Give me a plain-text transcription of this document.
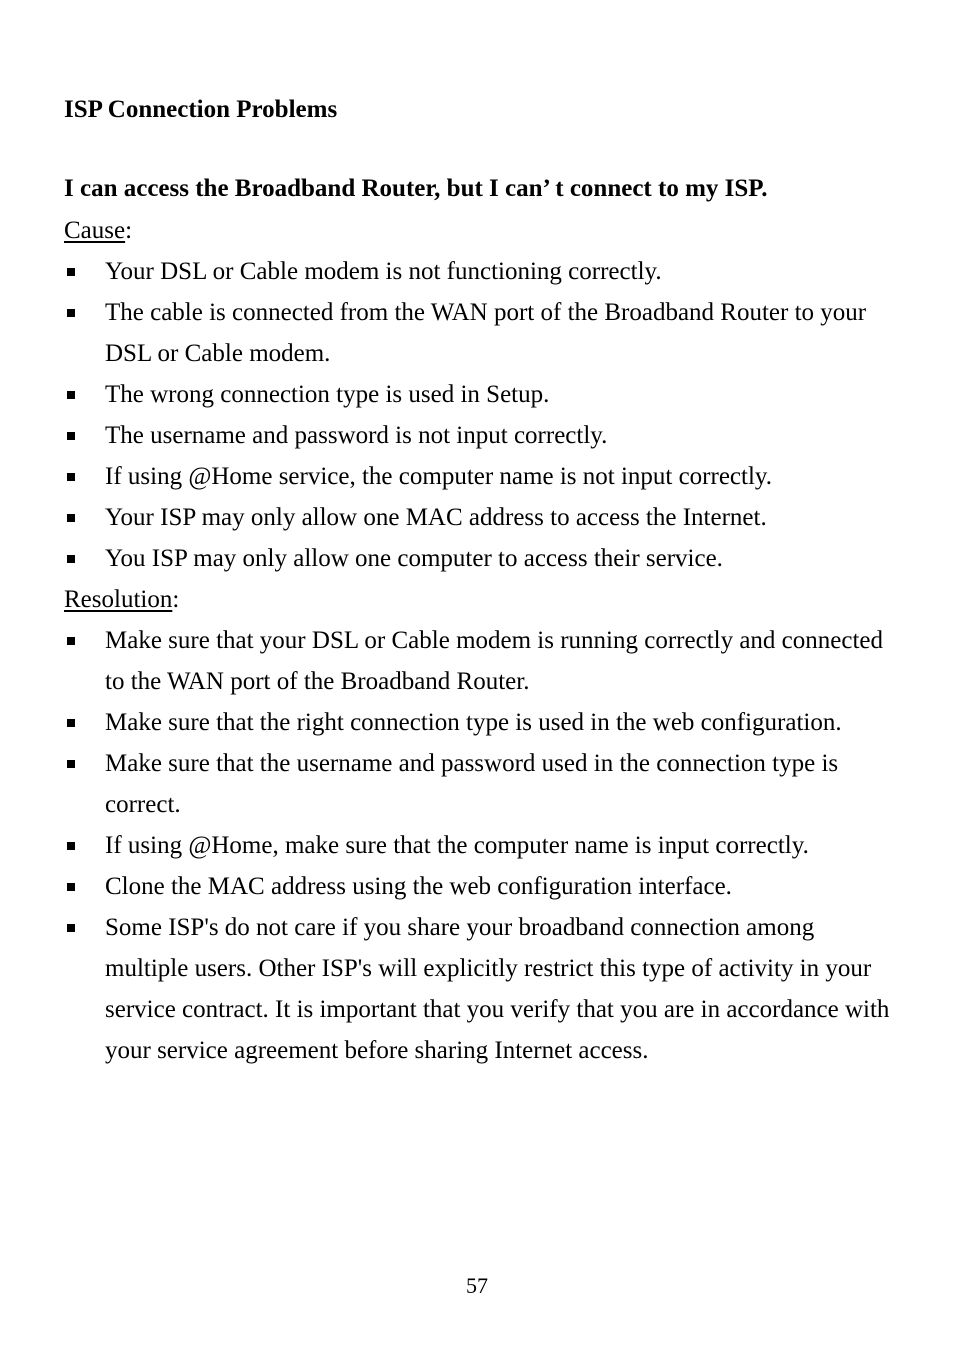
ISP Connection Problems
I can access the Broadband Router, but I can’ t connect to my ISP.
Cause:
Your DSL or Cable modem is not functioning correctly.
The cable is connected from the WAN port of the Broadband Router to your DSL or Cable modem.
The wrong connection type is used in Setup.
The username and password is not input correctly.
If using @Home service, the computer name is not input correctly.
Your ISP may only allow one MAC address to access the Internet.
You ISP may only allow one computer to access their service.
Resolution:
Make sure that your DSL or Cable modem is running correctly and connected to the WAN port of the Broadband Router.
Make sure that the right connection type is used in the web configuration.
Make sure that the username and password used in the connection type is correct.
If using @Home, make sure that the computer name is input correctly.
Clone the MAC address using the web configuration interface.
Some ISP's do not care if you share your broadband connection among multiple users. Other ISP's will explicitly restrict this type of activity in your service contract. It is important that you verify that you are in accordance with your service agreement before sharing Internet access.
57
